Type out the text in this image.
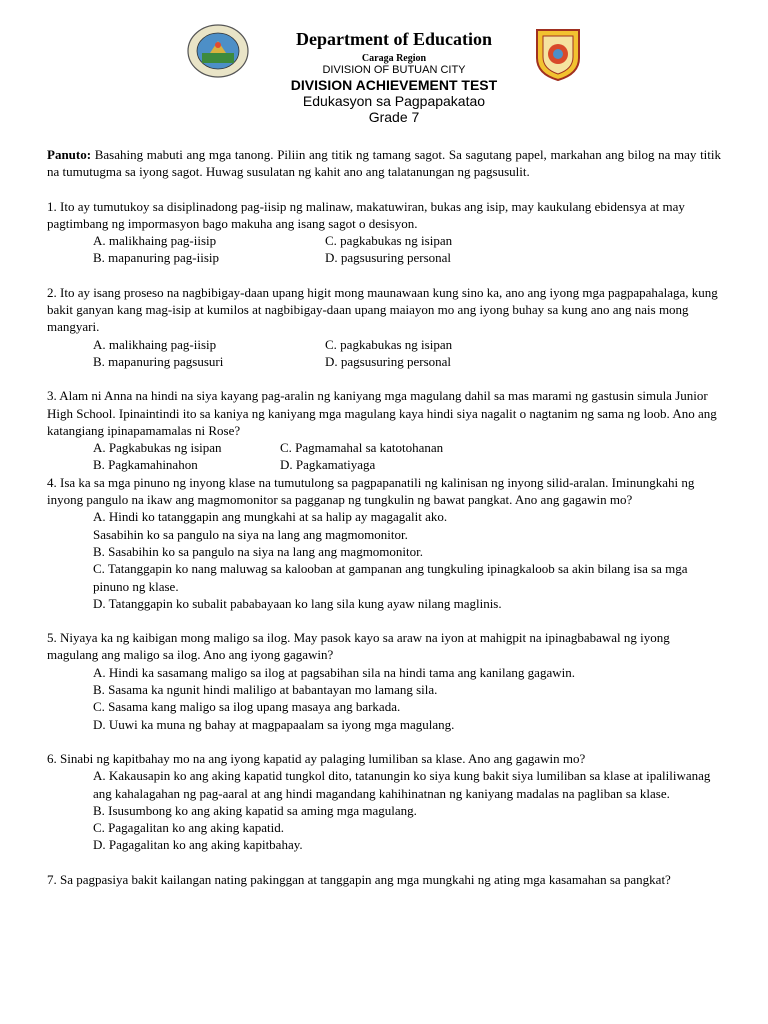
Department of Education
Caraga Region
DIVISION OF BUTUAN CITY
DIVISION ACHIEVEMENT TEST
Edukasyon sa Pagpapakatao
Grade 7

Panuto: Basahing mabuti ang mga tanong. Piliin ang titik ng tamang sagot. Sa sagutang papel, markahan ang bilog na may titik na tumutugma sa iyong sagot. Huwag susulatan ng kahit ano ang talatanungan ng pagsusulit.

1. Ito ay tumutukoy sa disiplinadong pag-iisip ng malinaw, makatuwiran, bukas ang isip, may kaukulang ebidensya at may pagtimbang ng impormasyon bago makuha ang isang sagot o desisyon.

A. malikhaing pag-iisip	C. pagkabukas ng isipan
B. mapanuring pag-iisip	D. pagsusuring personal

2. Ito ay isang proseso na nagbibigay-daan upang higit mong maunawaan kung sino ka, ano ang iyong mga pagpapahalaga, kung bakit ganyan kang mag-isip at kumilos at nagbibigay-daan upang maiayon mo ang iyong buhay sa kung ano ang nais mong mangyari.

A. malikhaing pag-iisip	C. pagkabukas ng isipan
B. mapanuring pagsusuri	D. pagsusuring personal

3. Alam ni Anna na hindi na siya kayang pag-aralin ng kaniyang mga magulang dahil sa mas marami ng gastusin simula Junior High School. Ipinaintindi ito sa kaniya ng kaniyang mga magulang kaya hindi siya nagalit o nagtanim ng sama ng loob. Ano ang katangiang ipinapamamalas ni Rose?

A. Pagkabukas ng isipan	C. Pagmamahal sa katotohanan
B. Pagkamahinahon	D. Pagkamatiyaga

4. Isa ka sa mga pinuno ng inyong klase na tumutulong sa pagpapanatili ng kalinisan ng inyong silid-aralan. Iminungkahi ng inyong pangulo na ikaw ang magmomonitor sa pagganap ng tungkulin ng bawat pangkat. Ano ang gagawin mo?

A. Hindi ko tatanggapin ang mungkahi at sa halip ay magagalit ako.
Sasabihin ko sa pangulo na siya na lang ang magmomonitor.
B. Sasabihin ko sa pangulo na siya na lang ang magmomonitor.
C. Tatanggapin ko nang maluwag sa kalooban at gampanan ang tungkuling ipinagkaloob sa akin bilang isa sa mga pinuno ng klase.
D. Tatanggapin ko subalit pababayaan ko lang sila kung ayaw nilang maglinis.

5. Niyaya ka ng kaibigan mong maligo sa ilog. May pasok kayo sa araw na iyon at mahigpit na ipinagbabawal ng iyong magulang ang maligo sa ilog. Ano ang iyong gagawin?

A. Hindi ka sasamang maligo sa ilog at pagsabihan sila na hindi tama ang kanilang gagawin.
B. Sasama ka ngunit hindi maliligo at babantayan mo lamang sila.
C. Sasama kang maligo sa ilog upang masaya ang barkada.
D. Uuwi ka muna ng bahay at magpapaalam sa iyong mga magulang.

6. Sinabi ng kapitbahay mo na ang iyong kapatid ay palaging lumiliban sa klase. Ano ang gagawin mo?

A. Kakausapin ko ang aking kapatid tungkol dito, tatanungin ko siya kung bakit siya lumiliban sa klase at ipaliliwanag ang kahalagahan ng pag-aaral at ang hindi magandang kahihinatnan ng kaniyang madalas na pagliban sa klase.
B. Isusumbong ko ang aking kapatid sa aming mga magulang.
C. Pagagalitan ko ang aking kapatid.
D. Pagagalitan ko ang aking kapitbahay.

7. Sa pagpasiya bakit kailangan nating pakinggan at tanggapin ang mga mungkahi ng ating mga kasamahan sa pangkat?
